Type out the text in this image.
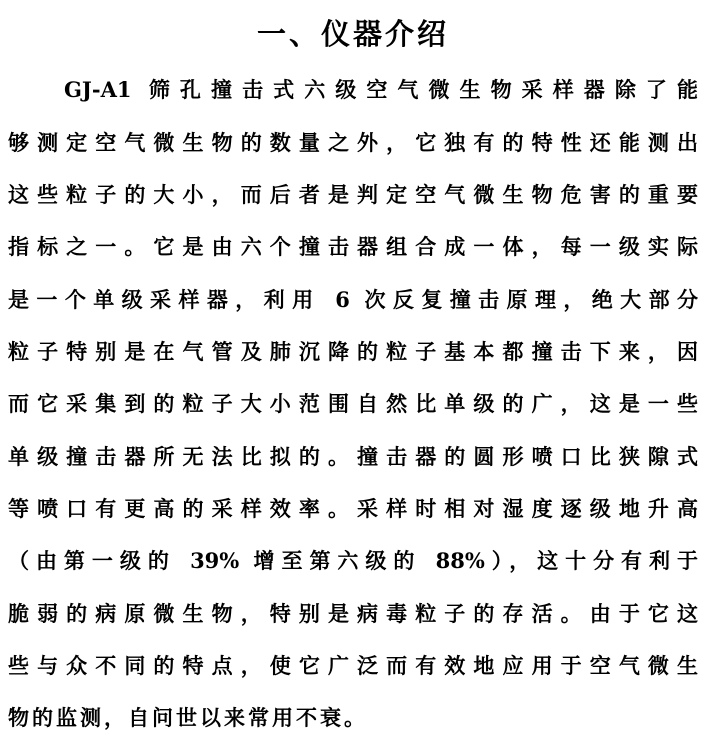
一、仪器介绍
GJ-A1 筛孔撞击式六级空气微生物采样器除了能
够测定空气微生物的数量之外，它独有的特性还能测出
这些粒子的大小，而后者是判定空气微生物危害的重要
指标之一。它是由六个撞击器组合成一体，每一级实际
是一个单级采样器，利用 6 次反复撞击原理，绝大部分
粒子特别是在气管及肺沉降的粒子基本都撞击下来，因
而它采集到的粒子大小范围自然比单级的广，这是一些
单级撞击器所无法比拟的。撞击器的圆形喷口比狭隙式
等喷口有更高的采样效率。采样时相对湿度逐级地升高
（由第一级的 39% 增至第六级的 88%），这十分有利于
脆弱的病原微生物，特别是病毒粒子的存活。由于它这
些与众不同的特点，使它广泛而有效地应用于空气微生
物的监测，自问世以来常用不衰。
